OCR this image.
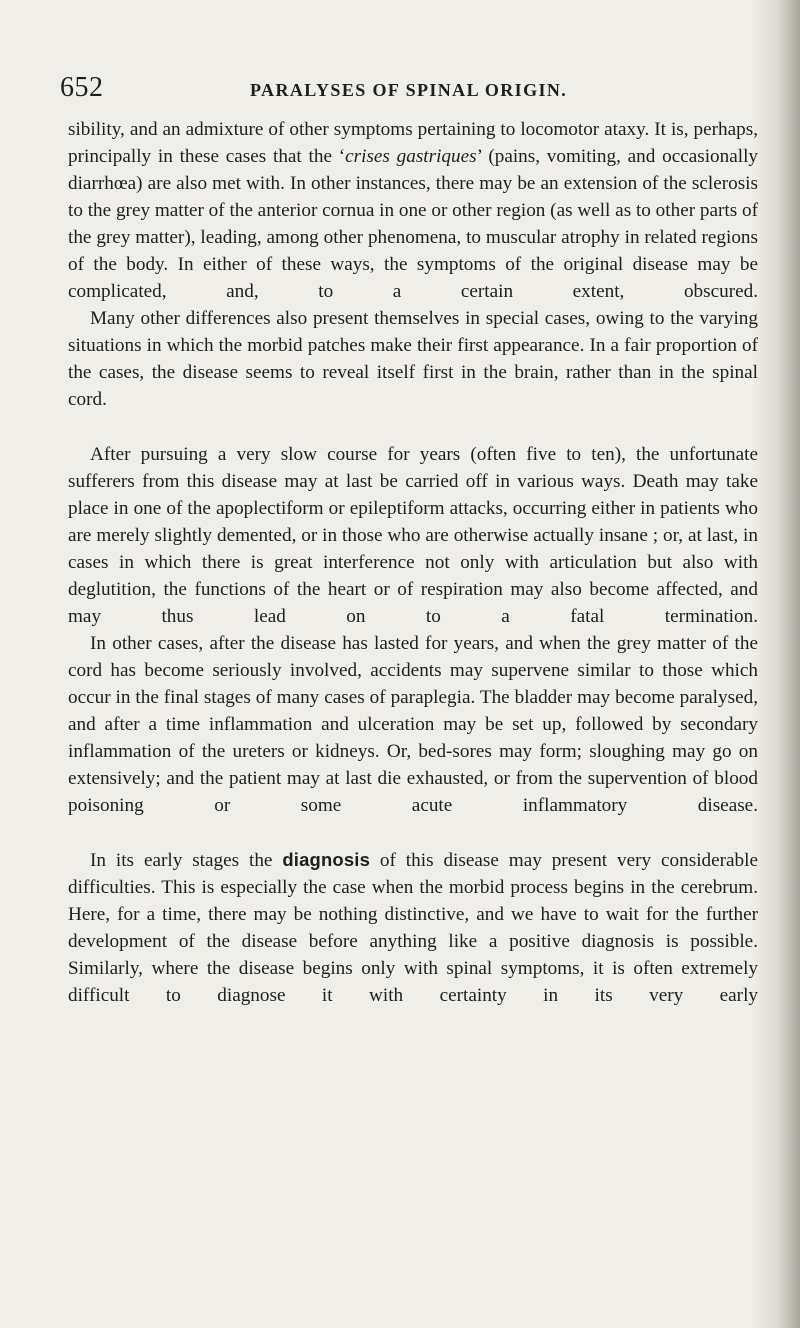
652	PARALYSES OF SPINAL ORIGIN.

sibility, and an admixture of other symptoms pertaining to locomotor ataxy. It is, perhaps, principally in these cases that the ‘crises gastriques’ (pains, vomiting, and occasionally diarrhœa) are also met with. In other instances, there may be an extension of the sclerosis to the grey matter of the anterior cornua in one or other region (as well as to other parts of the grey matter), leading, among other phenomena, to muscular atrophy in related regions of the body. In either of these ways, the symptoms of the original disease may be complicated, and, to a certain extent, obscured.

Many other differences also present themselves in special cases, owing to the varying situations in which the morbid patches make their first appearance. In a fair proportion of the cases, the disease seems to reveal itself first in the brain, rather than in the spinal cord.

After pursuing a very slow course for years (often five to ten), the unfortunate sufferers from this disease may at last be carried off in various ways. Death may take place in one of the apoplectiform or epileptiform attacks, occurring either in patients who are merely slightly demented, or in those who are otherwise actually insane ; or, at last, in cases in which there is great interference not only with articulation but also with deglutition, the functions of the heart or of respiration may also become affected, and may thus lead on to a fatal termination.

In other cases, after the disease has lasted for years, and when the grey matter of the cord has become seriously involved, accidents may supervene similar to those which occur in the final stages of many cases of paraplegia. The bladder may become paralysed, and after a time inflammation and ulceration may be set up, followed by secondary inflammation of the ureters or kidneys. Or, bed-sores may form; sloughing may go on extensively; and the patient may at last die exhausted, or from the supervention of blood poisoning or some acute inflammatory disease.

In its early stages the diagnosis of this disease may present very considerable difficulties. This is especially the case when the morbid process begins in the cerebrum. Here, for a time, there may be nothing distinctive, and we have to wait for the further development of the disease before anything like a positive diagnosis is possible. Similarly, where the disease begins only with spinal symptoms, it is often extremely difficult to diagnose it with certainty in its very early
